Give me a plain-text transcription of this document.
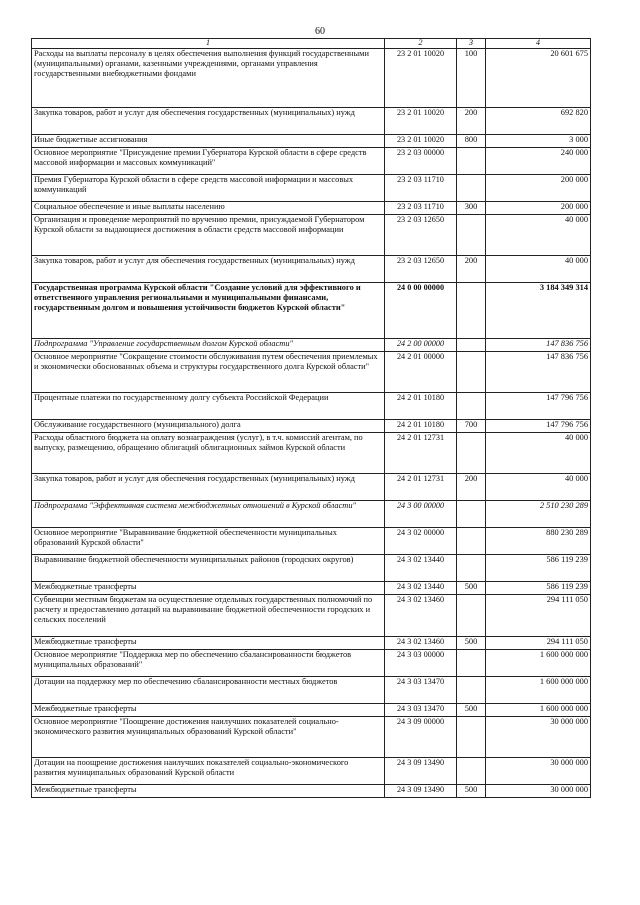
60
1	2	3	4
Расходы на выплаты персоналу в целях обеспечения выполнения функций государственными (муниципальными) органами, казенными учреждениями, органами управления государственными внебюджетными фондами	23 2 01 10020	100	20 601 675
Закупка товаров, работ и услуг для обеспечения государственных (муниципальных) нужд	23 2 01 10020	200	692 820
Иные бюджетные ассигнования	23 2 01 10020	800	3 000
Основное мероприятие "Присуждение премии Губернатора Курской области в сфере средств массовой информации и массовых коммуникаций"	23 2 03 00000		240 000
Премия Губернатора Курской области в сфере средств массовой информации и массовых коммуникаций	23 2 03 11710		200 000
Социальное обеспечение и иные выплаты населению	23 2 03 11710	300	200 000
Организация и проведение мероприятий по вручению премии, присуждаемой Губернатором Курской области за выдающиеся достижения в области средств массовой информации	23 2 03 12650		40 000
Закупка товаров, работ и услуг для обеспечения государственных (муниципальных) нужд	23 2 03 12650	200	40 000
Государственная программа Курской области "Создание условий для эффективного и ответственного управления региональными и муниципальными финансами, государственным долгом и повышения устойчивости бюджетов Курской области"	24 0 00 00000		3 184 349 314
Подпрограмма "Управление государственным долгом Курской области"	24 2 00 00000		147 836 756
Основное мероприятие "Сокращение стоимости обслуживания путем обеспечения приемлемых и экономически обоснованных объема и структуры государственного долга Курской области"	24 2 01 00000		147 836 756
Процентные платежи по государственному долгу субъекта Российской Федерации	24 2 01 10180		147 796 756
Обслуживание государственного (муниципального) долга	24 2 01 10180	700	147 796 756
Расходы областного бюджета на оплату вознаграждения (услуг), в т.ч. комиссий агентам, по выпуску, размещению, обращению облигаций облигационных займов Курской области	24 2 01 12731		40 000
Закупка товаров, работ и услуг для обеспечения государственных (муниципальных) нужд	24 2 01 12731	200	40 000
Подпрограмма "Эффективная система межбюджетных отношений в Курской области"	24 3 00 00000		2 510 230 289
Основное мероприятие "Выравнивание бюджетной обеспеченности муниципальных образований Курской области"	24 3 02 00000		880 230 289
Выравнивание бюджетной обеспеченности муниципальных районов (городских округов)	24 3 02 13440		586 119 239
Межбюджетные трансферты	24 3 02 13440	500	586 119 239
Субвенции местным бюджетам на осуществление отдельных государственных полномочий по расчету и предоставлению дотаций на выравнивание бюджетной обеспеченности городских и сельских поселений	24 3 02 13460		294 111 050
Межбюджетные трансферты	24 3 02 13460	500	294 111 050
Основное мероприятие "Поддержка мер по обеспечению сбалансированности бюджетов муниципальных образований"	24 3 03 00000		1 600 000 000
Дотации на поддержку мер по обеспечению сбалансированности местных бюджетов	24 3 03 13470		1 600 000 000
Межбюджетные трансферты	24 3 03 13470	500	1 600 000 000
Основное мероприятие "Поощрение достижения наилучших показателей социально-экономического развития муниципальных образований Курской области"	24 3 09 00000		30 000 000
Дотации на поощрение достижения наилучших показателей социально-экономического развития муниципальных образований Курской области	24 3 09 13490		30 000 000
Межбюджетные трансферты	24 3 09 13490	500	30 000 000
